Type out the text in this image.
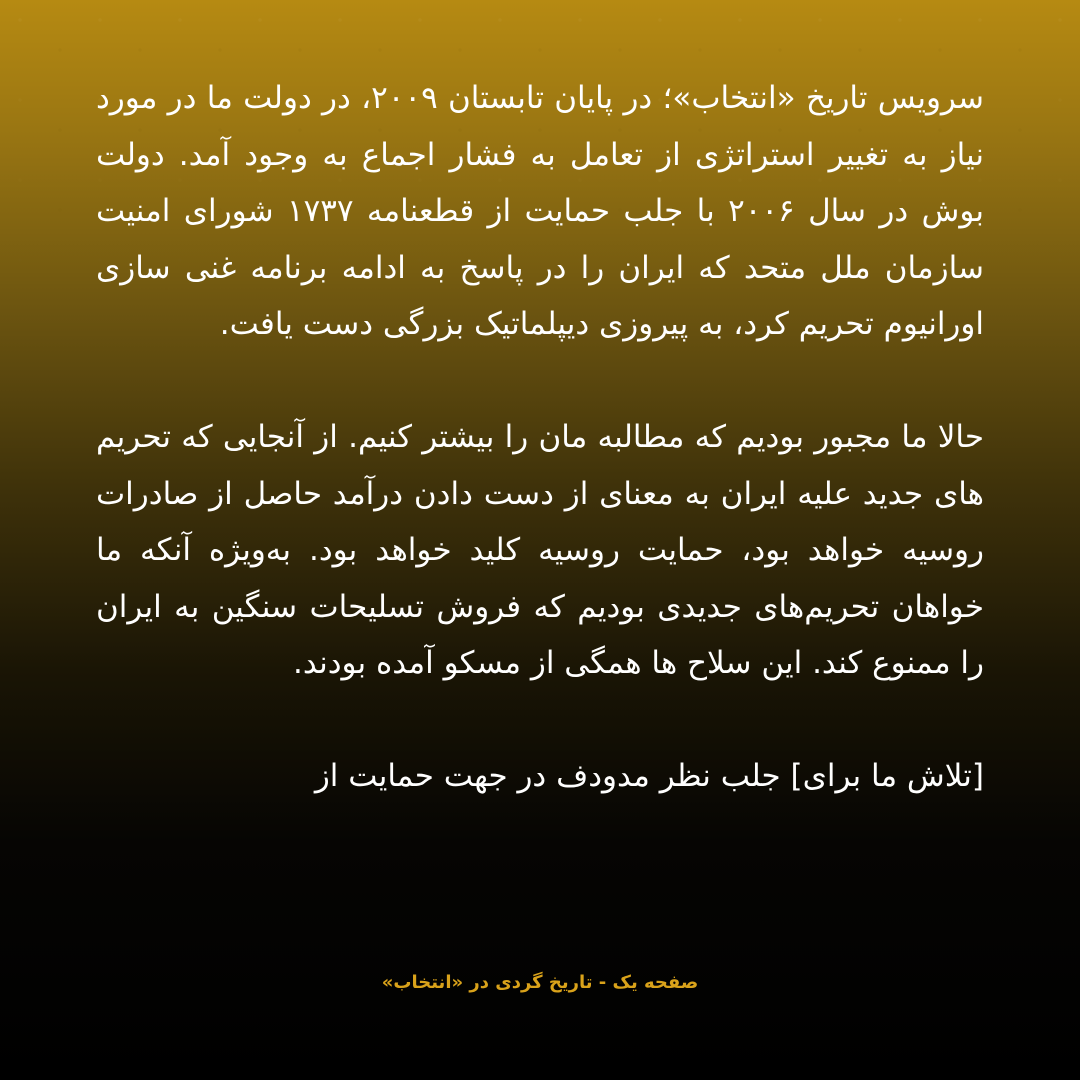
سرویس تاریخ «انتخاب»؛ در پایان تابستان ۲۰۰۹، در دولت ما در مورد نیاز به تغییر استراتژی از تعامل به فشار اجماع به وجود آمد. دولت بوش در سال ۲۰۰۶ با جلب حمایت از قطعنامه ۱۷۳۷ شورای امنیت سازمان ملل متحد که ایران را در پاسخ به ادامه برنامه غنی سازی اورانیوم تحریم کرد، به پیروزی دیپلماتیک بزرگی دست یافت.

حالا ما مجبور بودیم که مطالبه مان را بیشتر کنیم. از آنجایی که تحریم های جدید علیه ایران به معنای از دست دادن درآمد حاصل از صادرات روسیه خواهد بود، حمایت روسیه کلید خواهد بود. به‌ویژه آنکه ما خواهان تحریم‌های جدیدی بودیم که فروش تسلیحات سنگین به ایران را ممنوع کند. این سلاح ها همگی از مسکو آمده بودند.

[تلاش ما برای] جلب نظر مدودف در جهت حمایت از

صفحه یک - تاریخ گردی در «انتخاب»
